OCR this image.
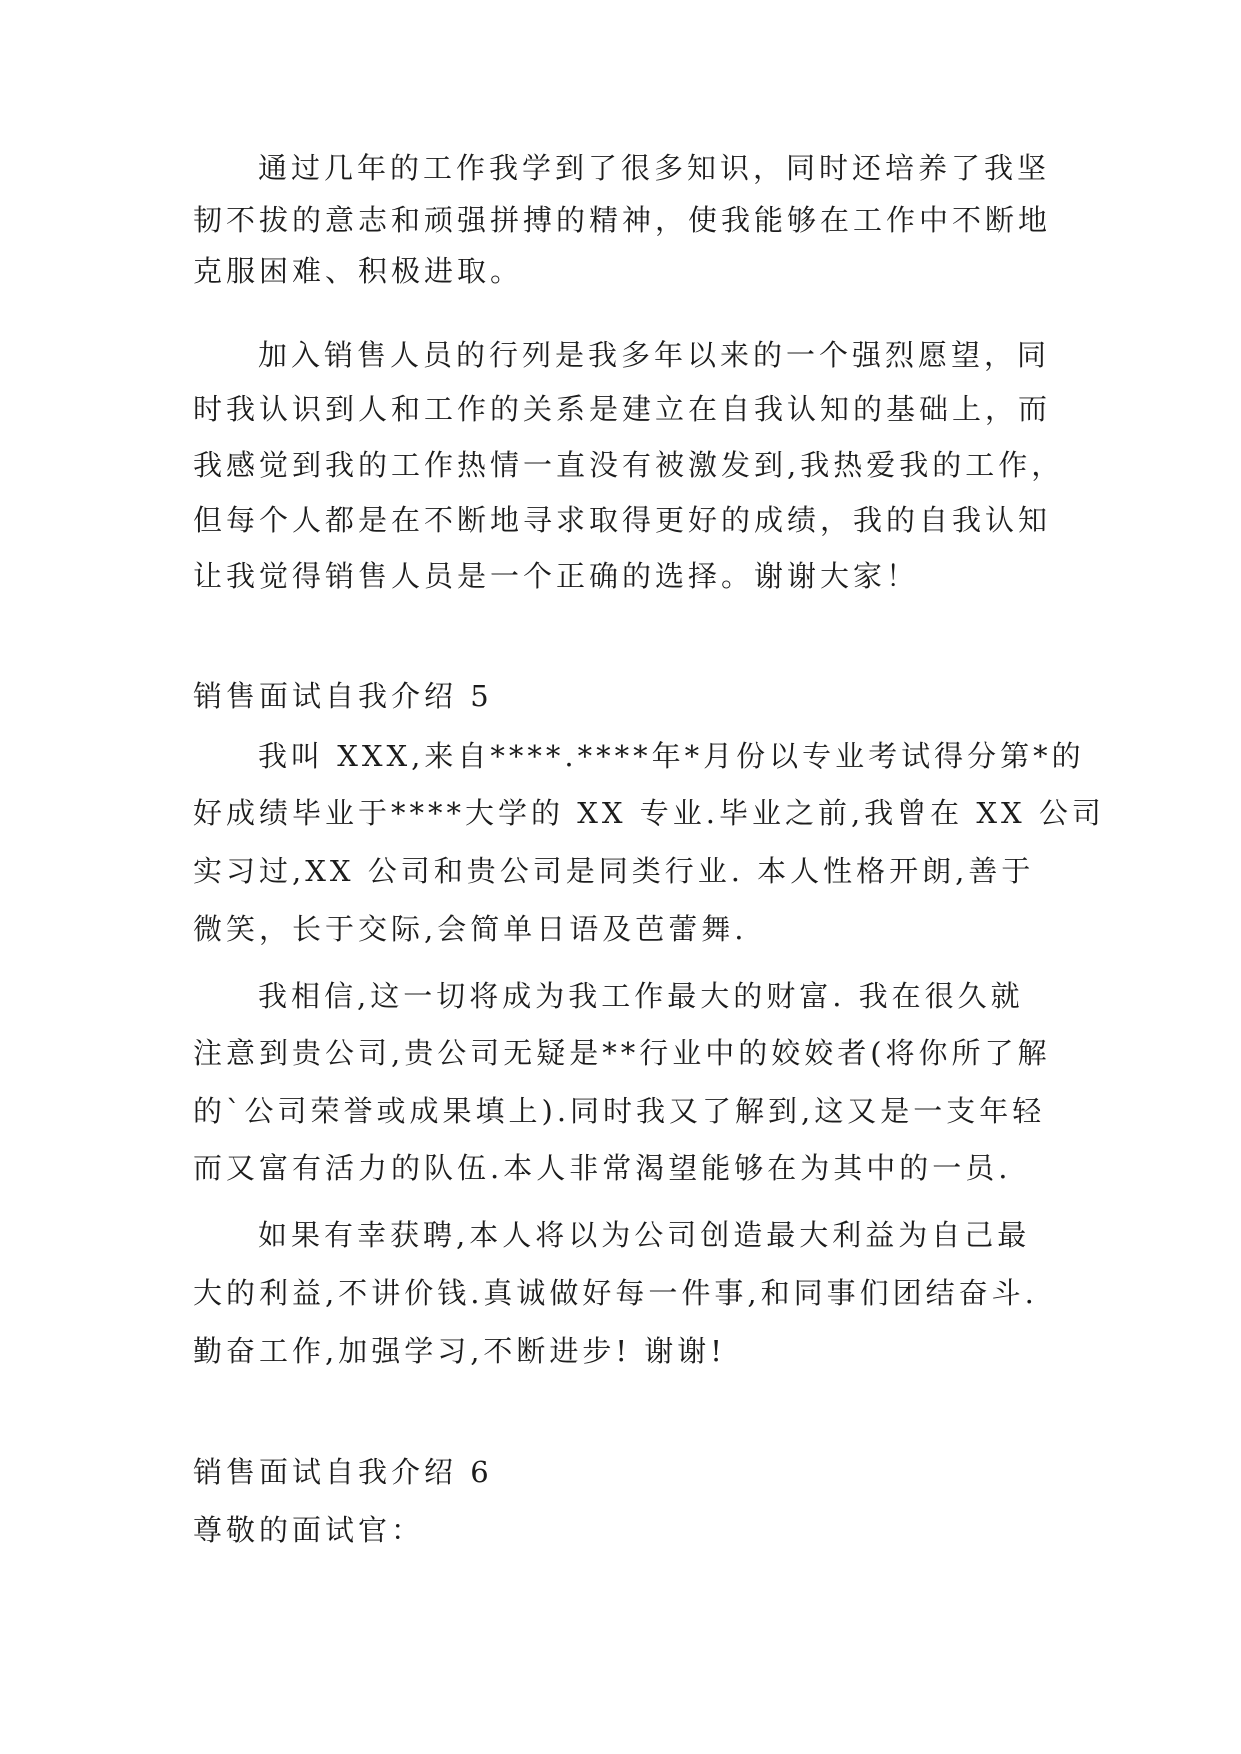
通过几年的工作我学到了很多知识，同时还培养了我坚
韧不拔的意志和顽强拼搏的精神，使我能够在工作中不断地
克服困难、积极进取。
加入销售人员的行列是我多年以来的一个强烈愿望，同
时我认识到人和工作的关系是建立在自我认知的基础上，而
我感觉到我的工作热情一直没有被激发到,我热爱我的工作，
但每个人都是在不断地寻求取得更好的成绩，我的自我认知
让我觉得销售人员是一个正确的选择。谢谢大家！
销售面试自我介绍 5
我叫 XXX,来自****.****年*月份以专业考试得分第*的
好成绩毕业于****大学的 XX 专业.毕业之前,我曾在 XX 公司
实习过,XX 公司和贵公司是同类行业. 本人性格开朗,善于
微笑，长于交际,会简单日语及芭蕾舞.
我相信,这一切将成为我工作最大的财富. 我在很久就
注意到贵公司,贵公司无疑是**行业中的姣姣者(将你所了解
的`公司荣誉或成果填上).同时我又了解到,这又是一支年轻
而又富有活力的队伍.本人非常渴望能够在为其中的一员.
如果有幸获聘,本人将以为公司创造最大利益为自己最
大的利益,不讲价钱.真诚做好每一件事,和同事们团结奋斗.
勤奋工作,加强学习,不断进步! 谢谢!
销售面试自我介绍 6
尊敬的面试官：
